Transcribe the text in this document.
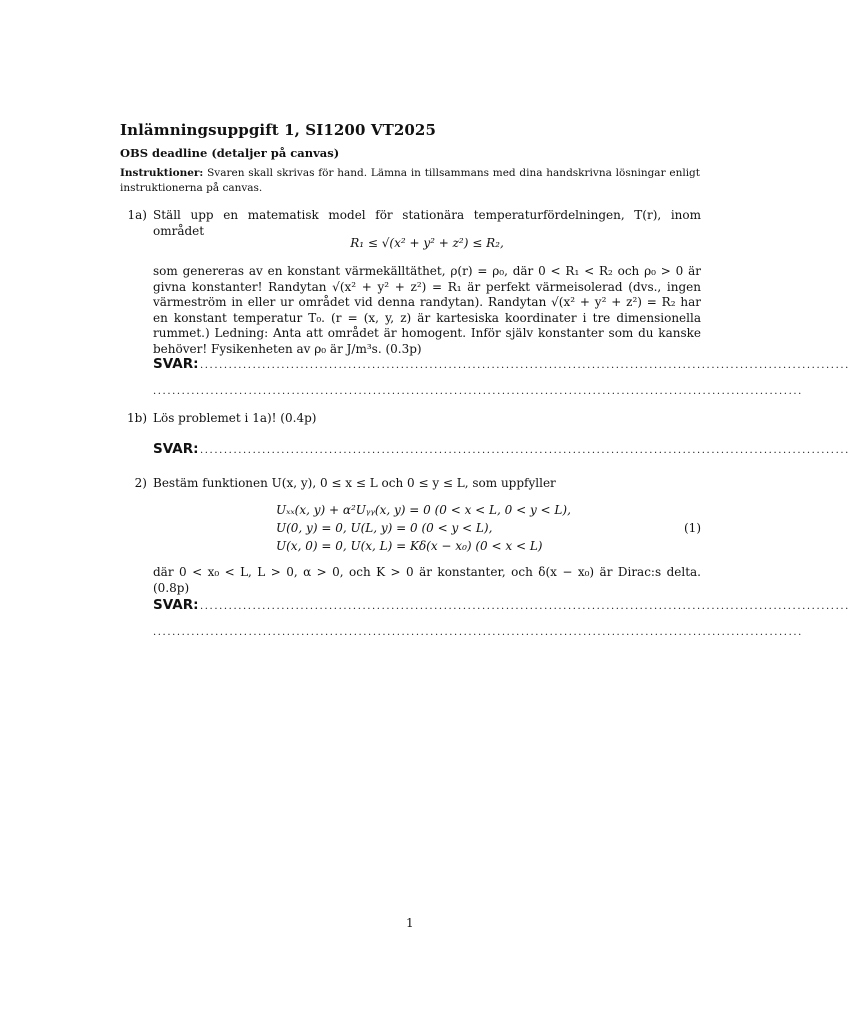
Inlämningsuppgift 1, SI1200 VT2025
OBS deadline (detaljer på canvas)
Instruktioner: Svaren skall skrivas för hand. Lämna in tillsammans med dina handskrivna lösningar enligt instruktionerna på canvas.
1a) Ställ upp en matematisk model för stationära temperaturfördelningen, T(r), inom området
R₁ ≤ √(x² + y² + z²) ≤ R₂,
som genereras av en konstant värmekälltäthet, ρ(r) = ρ₀, där 0 < R₁ < R₂ och ρ₀ > 0 är givna konstanter! Randytan √(x² + y² + z²) = R₁ är perfekt värmeisolerad (dvs., ingen värmeström in eller ur området vid denna randytan). Randytan √(x² + y² + z²) = R₂ har en konstant temperatur T₀. (r = (x, y, z) är kartesiska koordinater i tre dimensionella rummet.) Ledning: Anta att området är homogent. Inför själv konstanter som du kanske behöver! Fysikenheten av ρ₀ är J/m³s. (0.3p)
SVAR: ........................................................................................................................................
........................................................................................................................................
1b) Lös problemet i 1a)! (0.4p)
SVAR: ........................................................................................................................................
2) Bestäm funktionen U(x, y), 0 ≤ x ≤ L och 0 ≤ y ≤ L, som uppfyller
Uₓₓ(x, y) + α²Uᵧᵧ(x, y) = 0 (0 < x < L, 0 < y < L),
U(0, y) = 0, U(L, y) = 0 (0 < y < L),
U(x, 0) = 0, U(x, L) = Kδ(x − x₀) (0 < x < L)
(1)
där 0 < x₀ < L, L > 0, α > 0, och K > 0 är konstanter, och δ(x − x₀) är Dirac:s delta. (0.8p)
SVAR: ........................................................................................................................................
........................................................................................................................................
1
